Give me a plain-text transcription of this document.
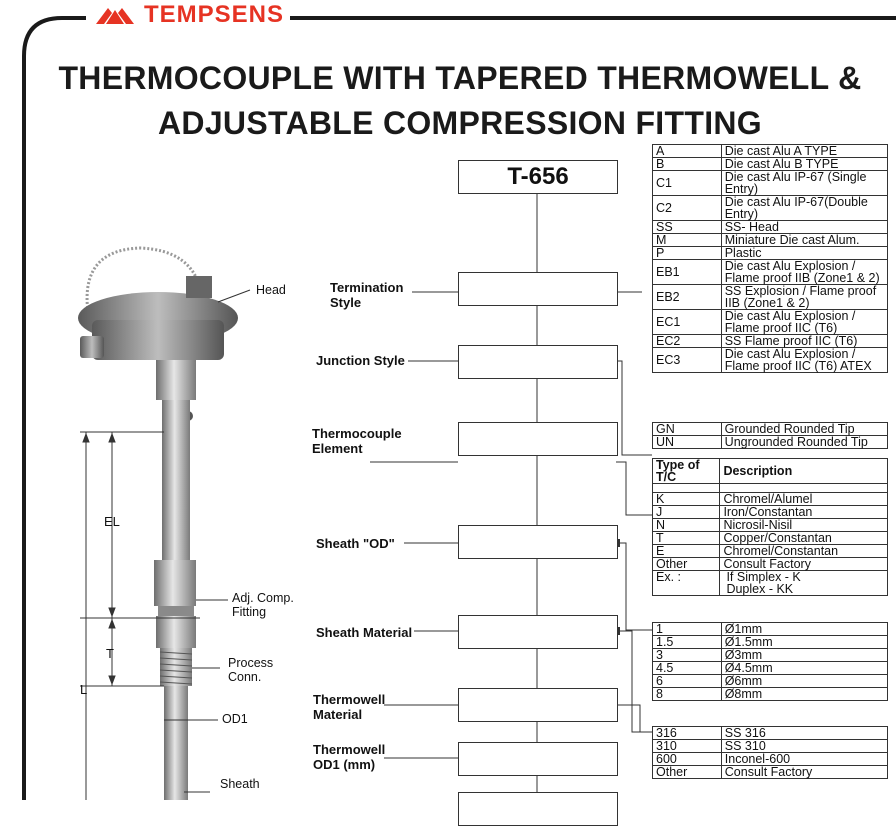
TEMPSENS
THERMOCOUPLE WITH TAPERED THERMOWELL &
ADJUSTABLE COMPRESSION FITTING
T-656
Termination
Style
Junction Style
Thermocouple
Element
Sheath "OD"
Sheath Material
Thermowell
Material
Thermowell
OD1 (mm)
A	Die cast Alu A TYPE
B	Die cast Alu B TYPE
C1	Die cast Alu IP-67 (Single Entry)
C2	Die cast Alu IP-67(Double Entry)
SS	SS- Head
M	Miniature Die cast Alum.
P	Plastic
EB1	Die cast Alu Explosion / Flame proof IIB (Zone1 & 2)
EB2	SS Explosion / Flame proof IIB (Zone1 & 2)
EC1	Die cast Alu Explosion / Flame proof IIC (T6)
EC2	SS Flame proof IIC (T6)
EC3	Die cast Alu Explosion / Flame proof IIC (T6) ATEX
GN	Grounded Rounded Tip
UN	Ungrounded Rounded Tip
Type of T/C	Description

K	Chromel/Alumel
J	Iron/Constantan
N	Nicrosil-Nisil
T	Copper/Constantan
E	Chromel/Constantan
Other	Consult Factory
Ex. :	If Simplex - K
Duplex - KK
1	Ø1mm
1.5	Ø1.5mm
3	Ø3mm
4.5	Ø4.5mm
6	Ø6mm
8	Ø8mm
316	SS 316
310	SS 310
600	Inconel-600
Other	Consult Factory
Head
Adj. Comp.
Fitting
Process
Conn.
OD1
Sheath
EL
T
L
